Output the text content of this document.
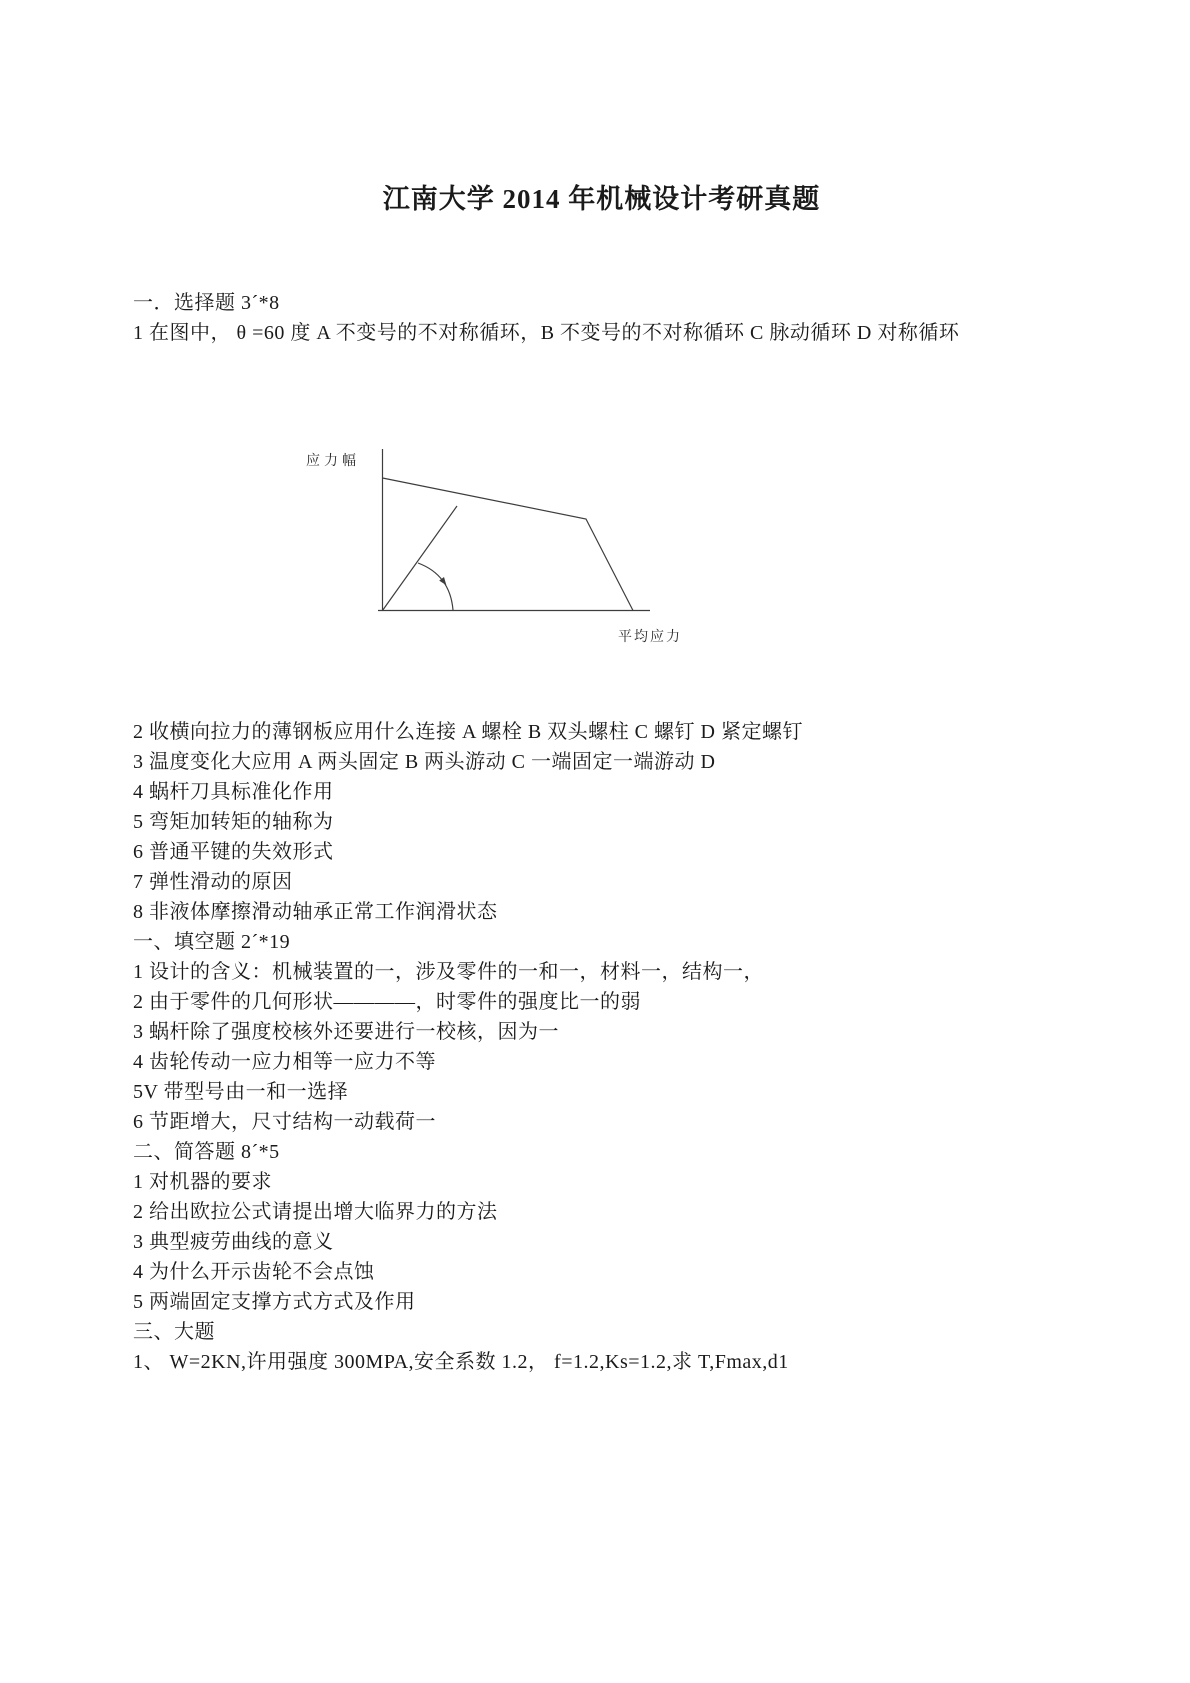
江南大学 2014 年机械设计考研真题

一．选择题 3´*8

1 在图中， θ =60 度 A 不变号的不对称循环，B 不变号的不对称循环 C 脉动循环 D 对称循环

应力幅
平均应力

2 收横向拉力的薄钢板应用什么连接 A 螺栓 B 双头螺柱 C 螺钉 D 紧定螺钉

3 温度变化大应用 A 两头固定 B 两头游动 C 一端固定一端游动 D

4 蜗杆刀具标准化作用

5 弯矩加转矩的轴称为

6 普通平键的失效形式

7 弹性滑动的原因

8 非液体摩擦滑动轴承正常工作润滑状态

一、填空题 2´*19

1 设计的含义：机械装置的一，涉及零件的一和一，材料一，结构一，

2 由于零件的几何形状————，时零件的强度比一的弱

3 蜗杆除了强度校核外还要进行一校核，因为一

4 齿轮传动一应力相等一应力不等

5V 带型号由一和一选择

6 节距增大，尺寸结构一动载荷一

二、简答题 8´*5

1 对机器的要求

2 给出欧拉公式请提出增大临界力的方法

3 典型疲劳曲线的意义

4 为什么开示齿轮不会点蚀

5 两端固定支撑方式方式及作用

三、大题

1、 W=2KN,许用强度 300MPA,安全系数 1.2， f=1.2,Ks=1.2,求 T,Fmax,d1
